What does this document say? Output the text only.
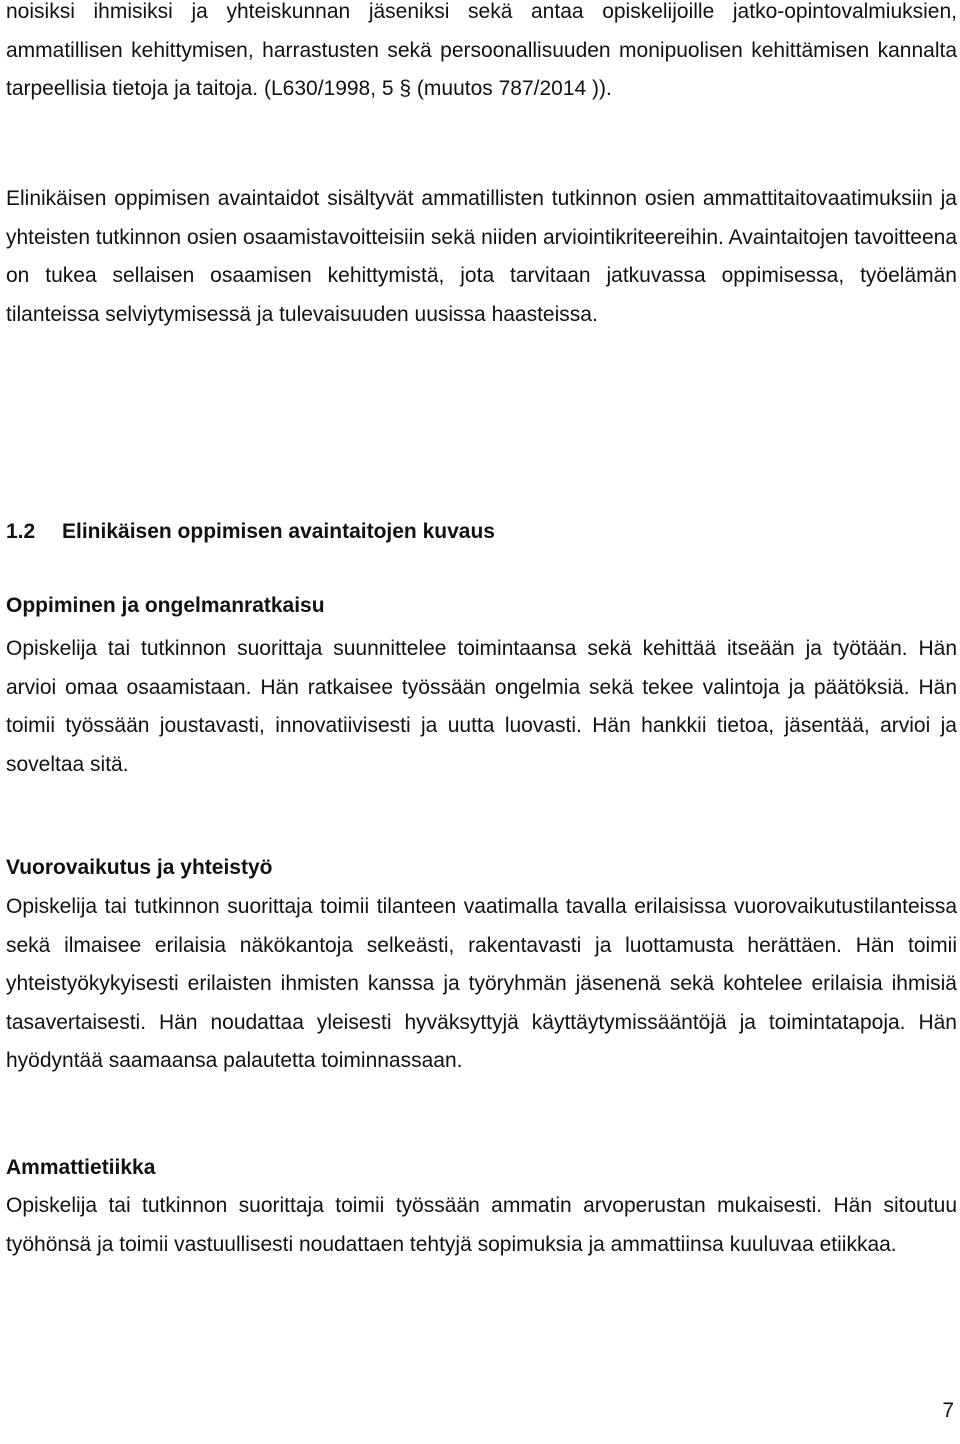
noisiksi ihmisiksi ja yhteiskunnan jäseniksi sekä antaa opiskelijoille jatko-opintovalmiuksien, ammatillisen kehittymisen, harrastusten sekä persoonallisuuden monipuolisen kehittämisen kannalta tarpeellisia tietoja ja taitoja. (L630/1998, 5 § (muutos 787/2014 )).

Elinikäisen oppimisen avaintaidot sisältyvät ammatillisten tutkinnon osien ammattitaitovaatimuksiin ja yhteisten tutkinnon osien osaamistavoitteisiin sekä niiden arviointikriteereihin. Avaintaitojen tavoitteena on tukea sellaisen osaamisen kehittymistä, jota tarvitaan jatkuvassa oppimisessa, työelämän tilanteissa selviytymisessä ja tulevaisuuden uusissa haasteissa.

1.2 Elinikäisen oppimisen avaintaitojen kuvaus
Oppiminen ja ongelmanratkaisu

Opiskelija tai tutkinnon suorittaja suunnittelee toimintaansa sekä kehittää itseään ja työtään. Hän arvioi omaa osaamistaan. Hän ratkaisee työssään ongelmia sekä tekee valintoja ja päätöksiä. Hän toimii työssään joustavasti, innovatiivisesti ja uutta luovasti. Hän hankkii tietoa, jäsentää, arvioi ja soveltaa sitä.

Vuorovaikutus ja yhteistyö

Opiskelija tai tutkinnon suorittaja toimii tilanteen vaatimalla tavalla erilaisissa vuorovaikutustilanteissa sekä ilmaisee erilaisia näkökantoja selkeästi, rakentavasti ja luottamusta herättäen. Hän toimii yhteistyökykyisesti erilaisten ihmisten kanssa ja työryhmän jäsenenä sekä kohtelee erilaisia ihmisiä tasavertaisesti. Hän noudattaa yleisesti hyväksyttyjä käyttäytymissääntöjä ja toimintatapoja. Hän hyödyntää saamaansa palautetta toiminnassaan.

Ammattietiikka

Opiskelija tai tutkinnon suorittaja toimii työssään ammatin arvoperustan mukaisesti. Hän sitoutuu työhönsä ja toimii vastuullisesti noudattaen tehtyjä sopimuksia ja ammattiinsa kuuluvaa etiikkaa.

7
